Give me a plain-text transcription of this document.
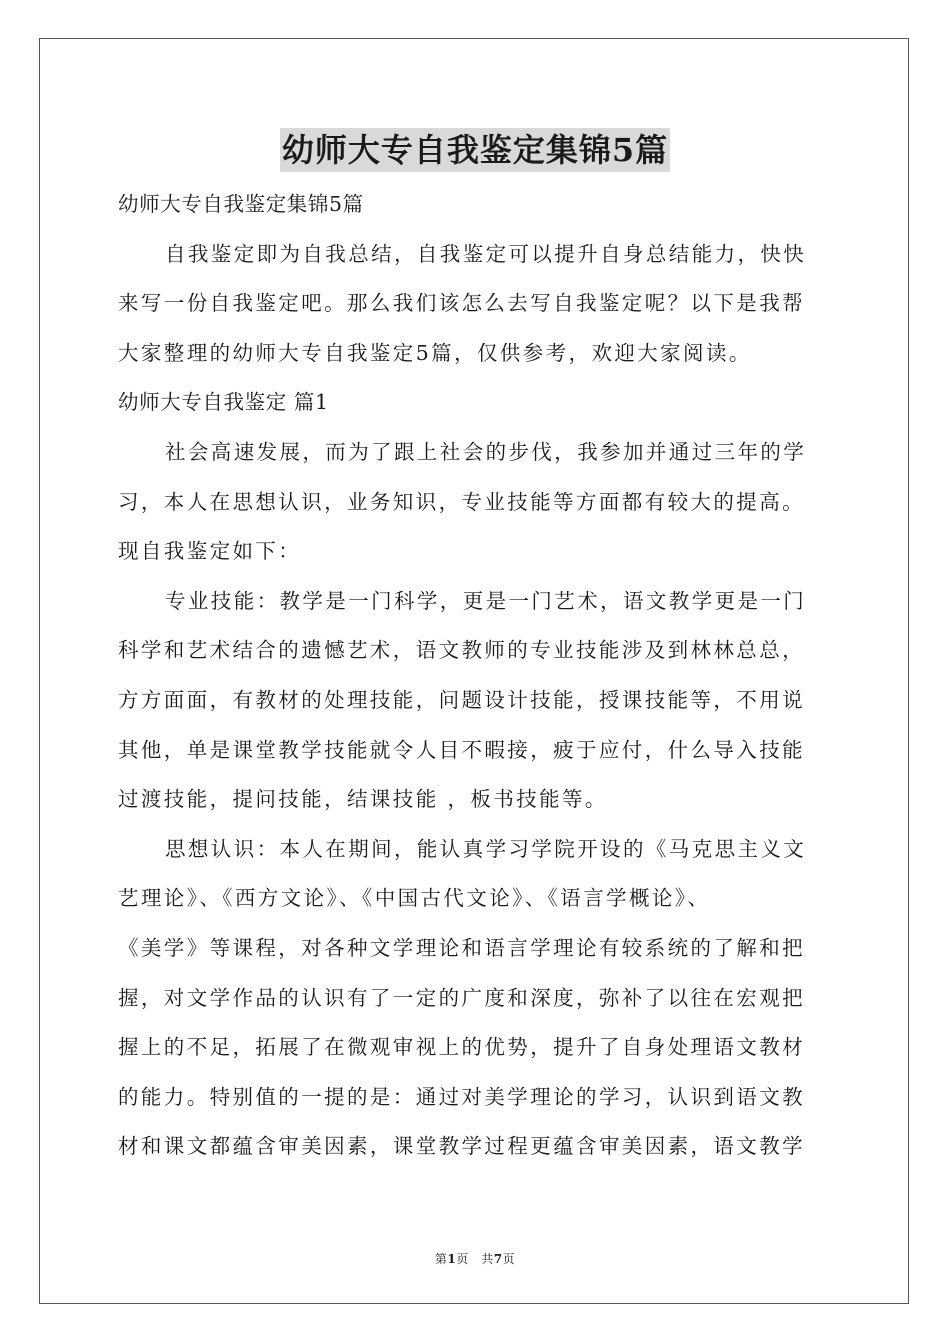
幼师大专自我鉴定集锦5篇
幼师大专自我鉴定集锦5篇
自我鉴定即为自我总结，自我鉴定可以提升自身总结能力，快快
来写一份自我鉴定吧。那么我们该怎么去写自我鉴定呢？以下是我帮
大家整理的幼师大专自我鉴定5篇，仅供参考，欢迎大家阅读。
幼师大专自我鉴定 篇1
社会高速发展，而为了跟上社会的步伐，我参加并通过三年的学
习，本人在思想认识，业务知识，专业技能等方面都有较大的提高。
现自我鉴定如下：
专业技能：教学是一门科学，更是一门艺术，语文教学更是一门
科学和艺术结合的遗憾艺术，语文教师的专业技能涉及到林林总总，
方方面面，有教材的处理技能，问题设计技能，授课技能等，不用说
其他，单是课堂教学技能就令人目不暇接，疲于应付，什么导入技能
过渡技能，提问技能，结课技能 ，板书技能等。
思想认识：本人在期间，能认真学习学院开设的《马克思主义文
艺理论》、《西方文论》、《中国古代文论》、《语言学概论》、
《美学》等课程，对各种文学理论和语言学理论有较系统的了解和把
握，对文学作品的认识有了一定的广度和深度，弥补了以往在宏观把
握上的不足，拓展了在微观审视上的优势，提升了自身处理语文教材
的能力。特别值的一提的是：通过对美学理论的学习，认识到语文教
材和课文都蕴含审美因素，课堂教学过程更蕴含审美因素，语文教学
第1页　共7页
